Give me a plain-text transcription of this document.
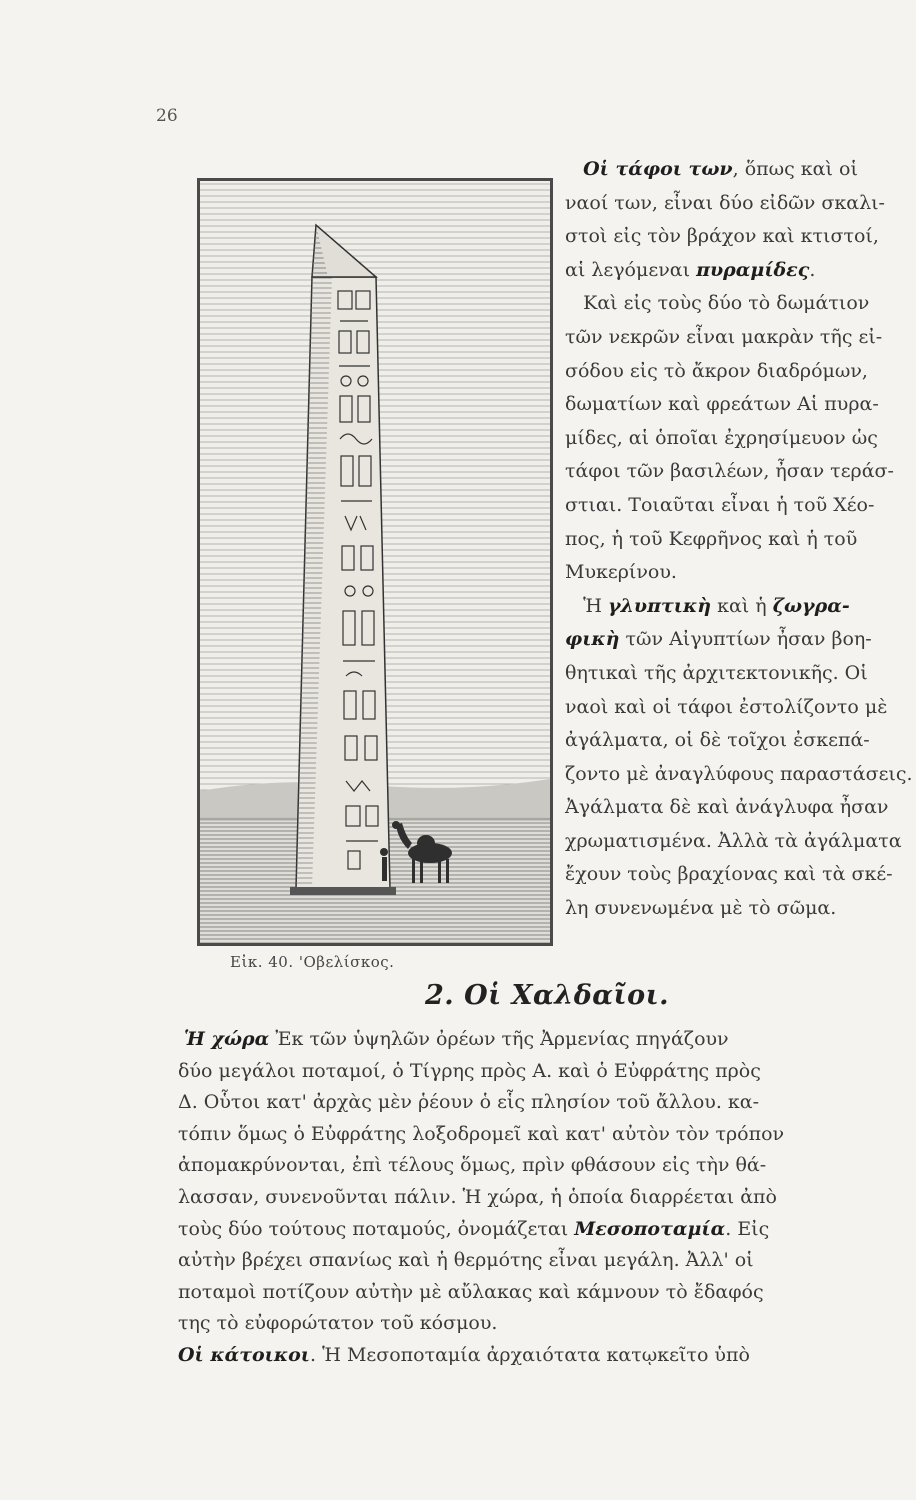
26
Εἰκ. 40. 'Οβελίσκος.
Οἱ τάφοι των, ὅπως καὶ οἱ
ναοί των, εἶναι δύο εἰδῶν σκαλι-
στοὶ εἰς τὸν βράχον καὶ κτιστοί,
αἱ λεγόμεναι πυραμίδες.
Καὶ εἰς τοὺς δύο τὸ δωμάτιον
τῶν νεκρῶν εἶναι μακρὰν τῆς εἰ-
σόδου εἰς τὸ ἄκρον διαδρόμων,
δωματίων καὶ φρεάτων Αἱ πυρα-
μίδες, αἱ ὁποῖαι ἐχρησίμευον ὡς
τάφοι τῶν βασιλέων, ἦσαν τεράσ-
στιαι. Τοιαῦται εἶναι ἡ τοῦ Χέο-
πος, ἡ τοῦ Κεφρῆνος καὶ ἡ τοῦ
Μυκερίνου.
Ἡ γλυπτικὴ καὶ ἡ ζωγρα-
φικὴ τῶν Αἰγυπτίων ἦσαν βοη-
θητικαὶ τῆς ἀρχιτεκτονικῆς. Οἱ
ναοὶ καὶ οἱ τάφοι ἐστολίζοντο μὲ
ἀγάλματα, οἱ δὲ τοῖχοι ἐσκεπά-
ζοντο μὲ ἀναγλύφους παραστάσεις.
Ἀγάλματα δὲ καὶ ἀνάγλυφα ἦσαν
χρωματισμένα. Ἀλλὰ τὰ ἀγάλματα
ἔχουν τοὺς βραχίονας καὶ τὰ σκέ-
λη συνενωμένα μὲ τὸ σῶμα.
2. Οἱ Χαλδαῖοι.
Ἡ χώρα Ἐκ τῶν ὑψηλῶν ὀρέων τῆς Ἀρμενίας πηγάζουν
δύο μεγάλοι ποταμοί, ὁ Τίγρης πρὸς Α. καὶ ὁ Εὐφράτης πρὸς
Δ. Οὗτοι κατ' ἀρχὰς μὲν ῥέουν ὁ εἷς πλησίον τοῦ ἄλλου. κα-
τόπιν ὅμως ὁ Εὐφράτης λοξοδρομεῖ καὶ κατ' αὐτὸν τὸν τρόπον
ἀπομακρύνονται, ἐπὶ τέλους ὅμως, πρὶν φθάσουν εἰς τὴν θά-
λασσαν, συνενοῦνται πάλιν. Ἡ χώρα, ἡ ὁποία διαρρέεται ἀπὸ
τοὺς δύο τούτους ποταμούς, ὀνομάζεται Μεσοποταμία. Εἰς
αὐτὴν βρέχει σπανίως καὶ ἡ θερμότης εἶναι μεγάλη. Ἀλλ' οἱ
ποταμοὶ ποτίζουν αὐτὴν μὲ αὔλακας καὶ κάμνουν τὸ ἔδαφός
της τὸ εὐφορώτατον τοῦ κόσμου.
Οἱ κάτοικοι. Ἡ Μεσοποταμία ἀρχαιότατα κατῳκεῖτο ὑπὸ
